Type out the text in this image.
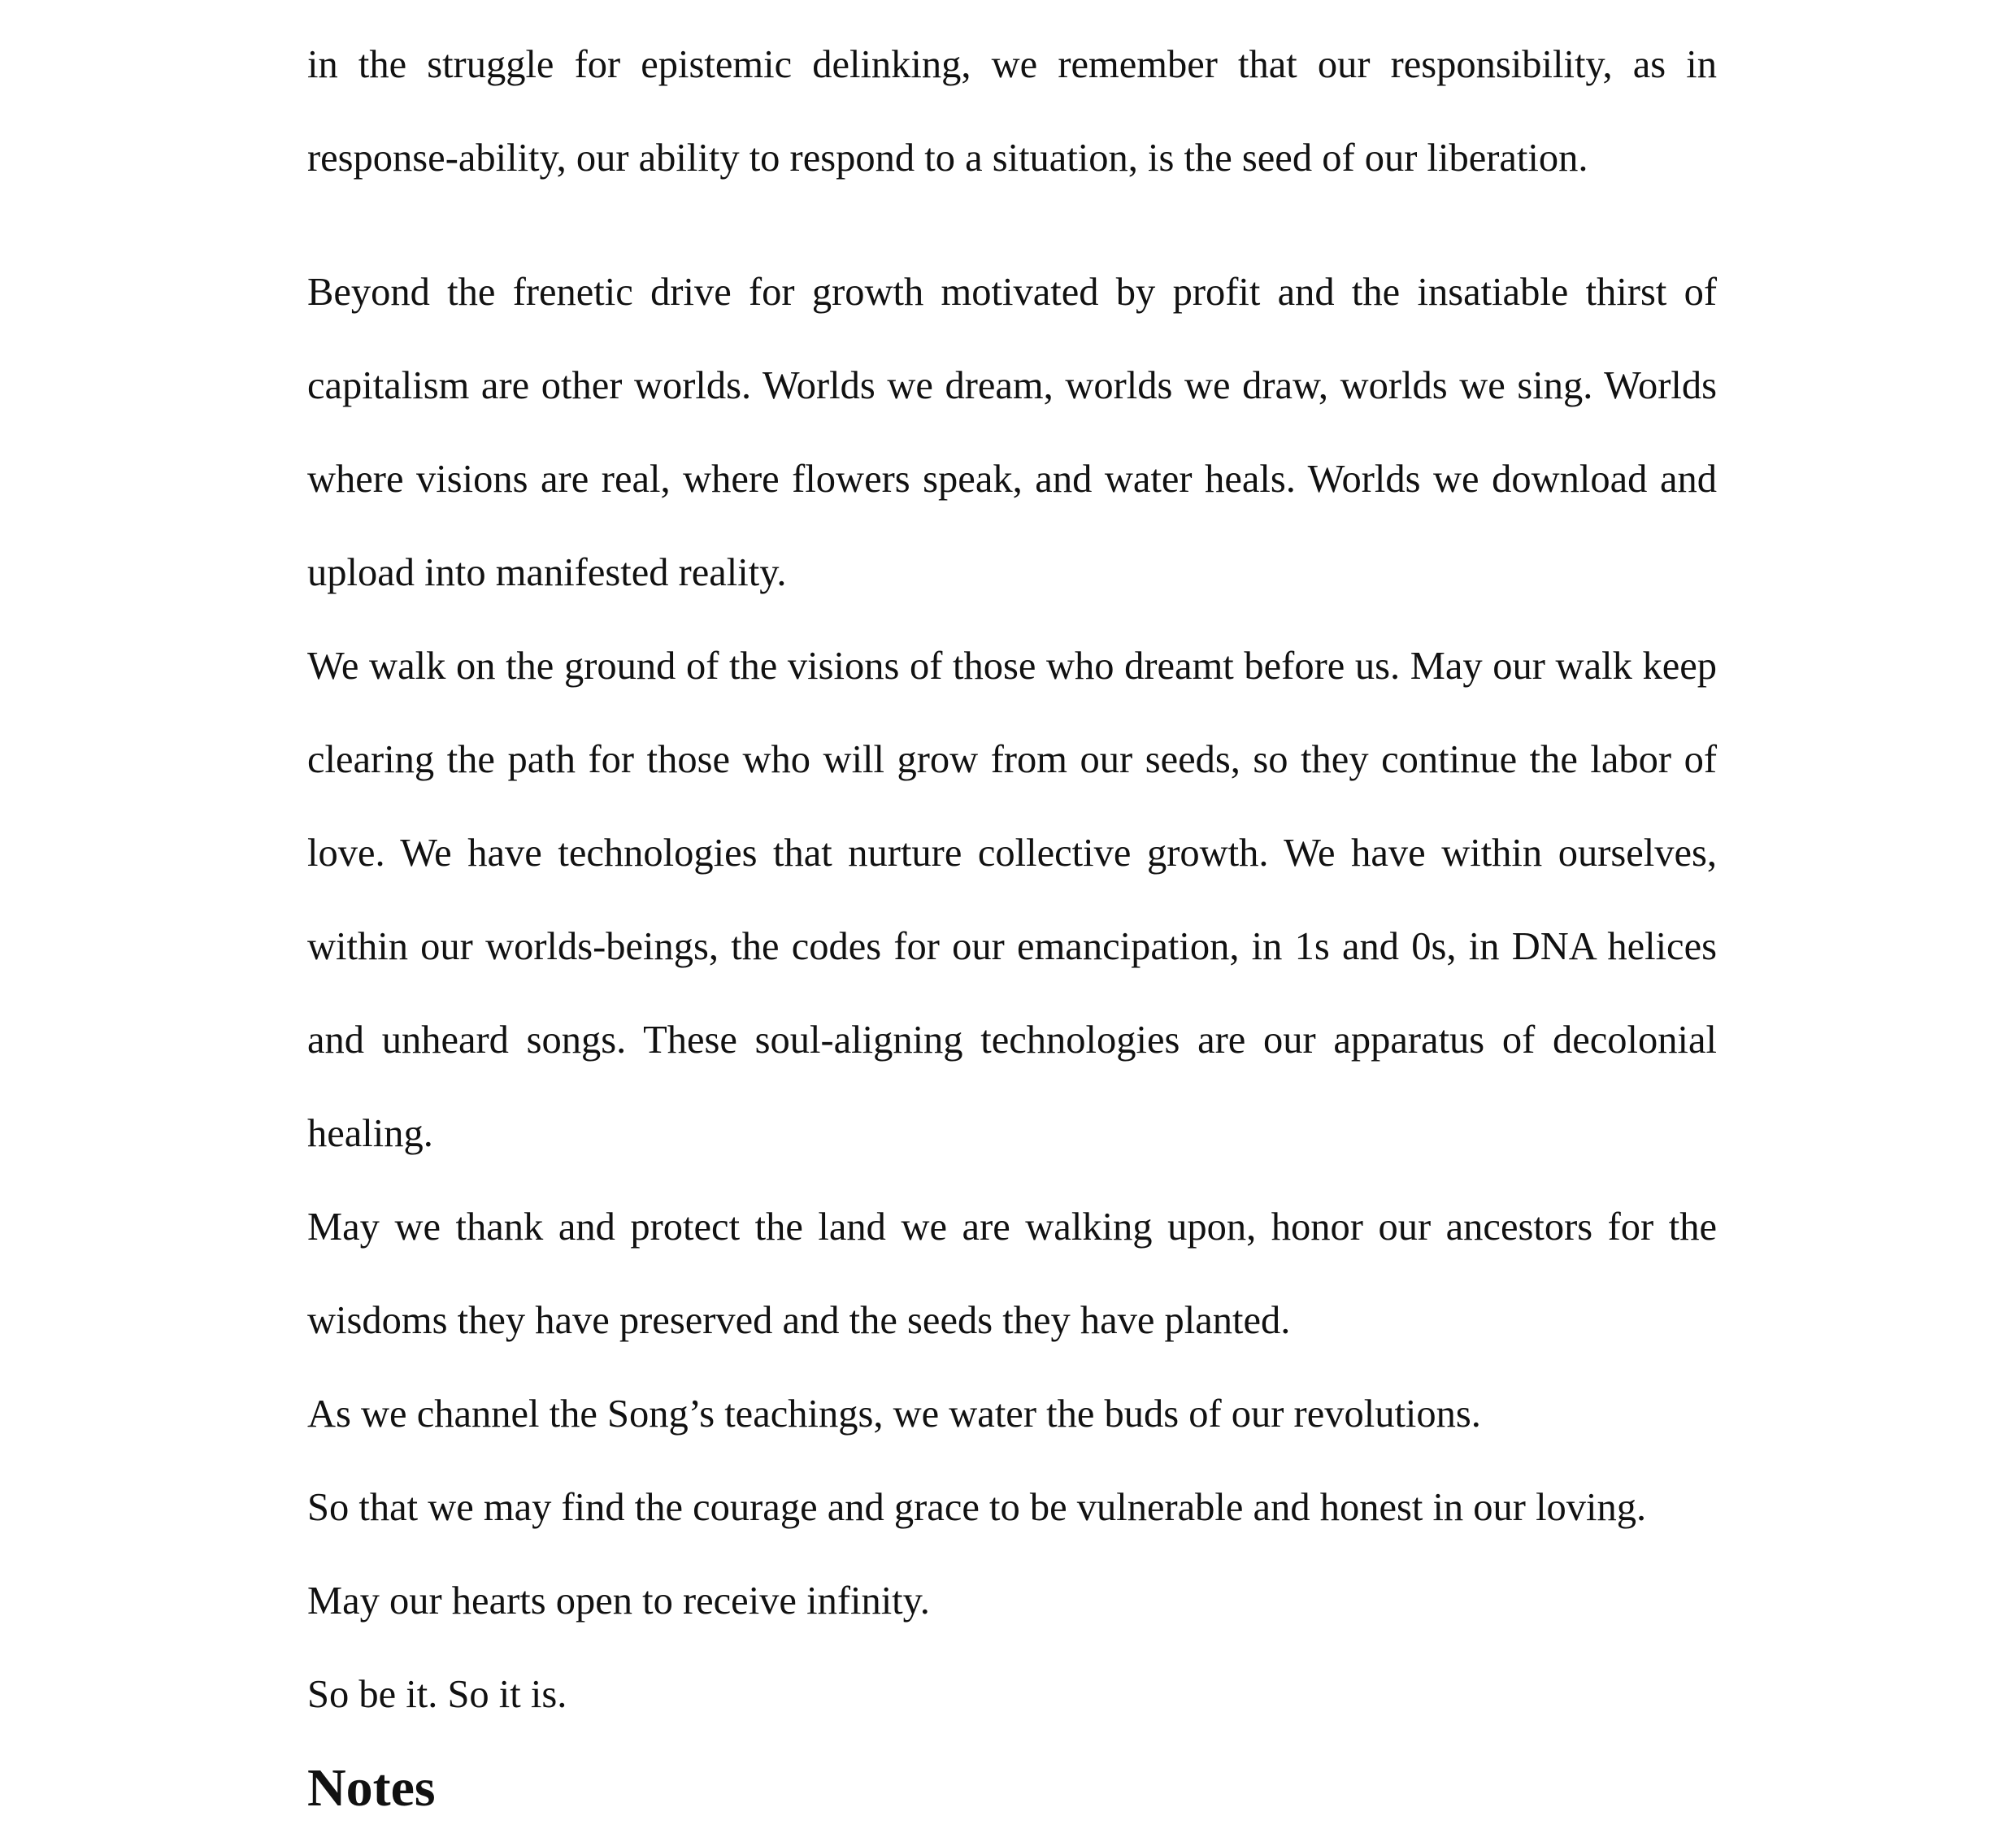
in the struggle for epistemic delinking, we remember that our responsibility, as in response-ability, our ability to respond to a situation, is the seed of our liberation.

Beyond the frenetic drive for growth motivated by profit and the insatiable thirst of capitalism are other worlds. Worlds we dream, worlds we draw, worlds we sing. Worlds where visions are real, where flowers speak, and water heals. Worlds we download and upload into manifested reality.

We walk on the ground of the visions of those who dreamt before us. May our walk keep clearing the path for those who will grow from our seeds, so they continue the labor of love. We have technologies that nurture collective growth. We have within ourselves, within our worlds-beings, the codes for our emancipation, in 1s and 0s, in DNA helices and unheard songs. These soul-aligning technologies are our apparatus of decolonial healing.

May we thank and protect the land we are walking upon, honor our ancestors for the wisdoms they have preserved and the seeds they have planted.

As we channel the Song’s teachings, we water the buds of our revolutions.

So that we may find the courage and grace to be vulnerable and honest in our loving.

May our hearts open to receive infinity.

So be it. So it is.

Notes
